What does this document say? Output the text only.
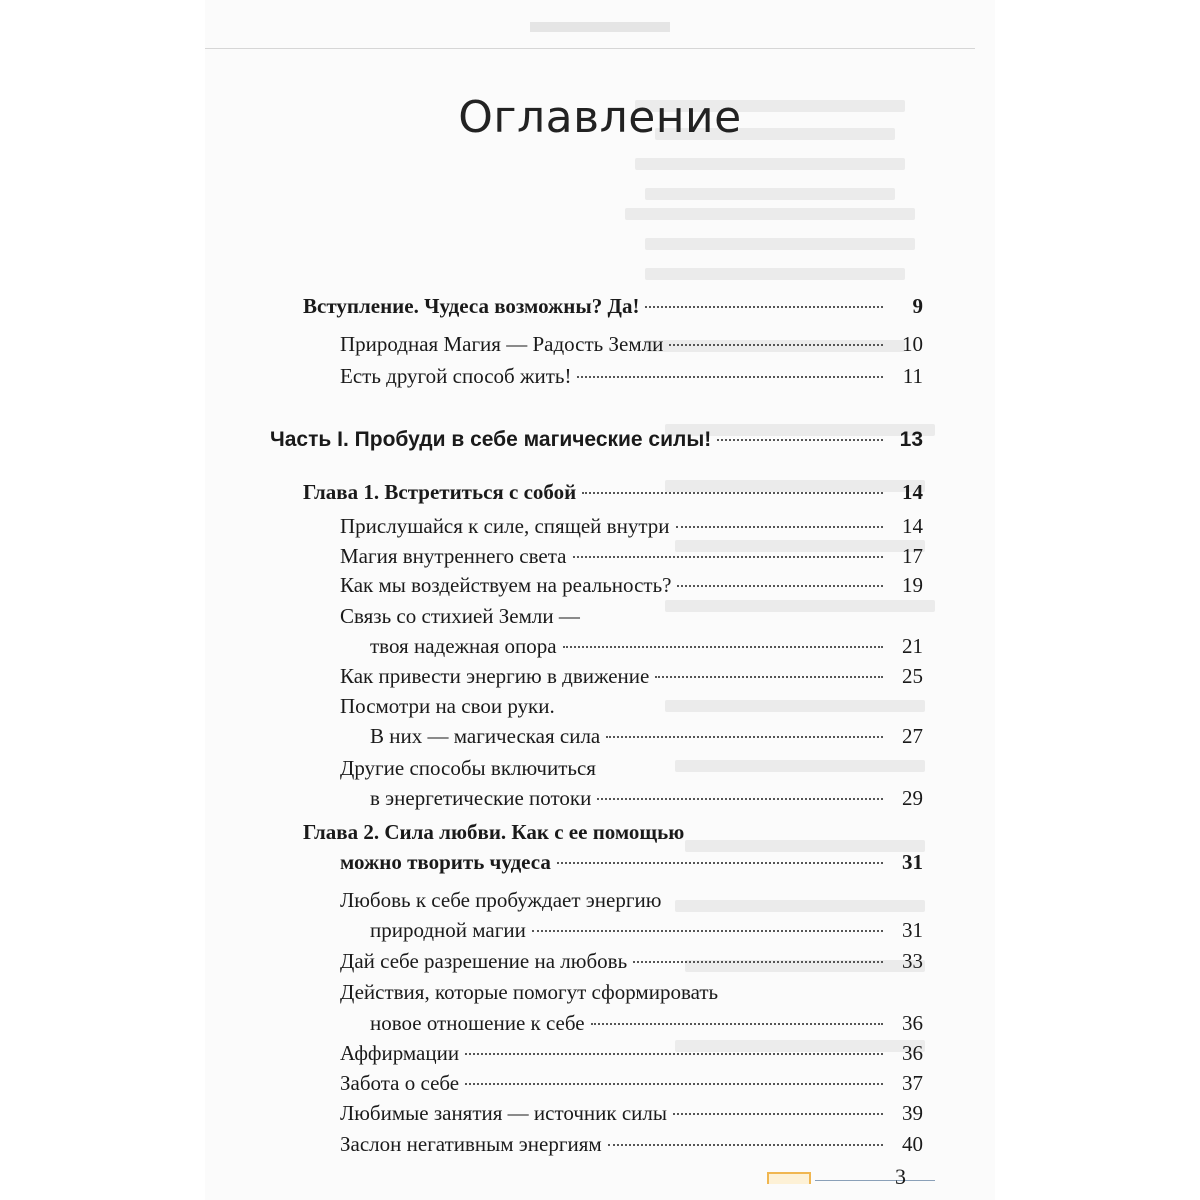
Оглавление
Вступление. Чудеса возможны? Да!	9
Природная Магия — Радость Земли	10
Есть другой способ жить!	11
Часть I. Пробуди в себе магические силы!	13
Глава 1. Встретиться с собой	14
Прислушайся к силе, спящей внутри	14
Магия внутреннего света	17
Как мы воздействуем на реальность?	19
Связь со стихией Земли —
твоя надежная опора	21
Как привести энергию в движение	25
Посмотри на свои руки.
В них — магическая сила	27
Другие способы включиться
в энергетические потоки	29
Глава 2. Сила любви. Как с ее помощью
можно творить чудеса	31
Любовь к себе пробуждает энергию
природной магии	31
Дай себе разрешение на любовь	33
Действия, которые помогут сформировать
новое отношение к себе	36
Аффирмации	36
Забота о себе	37
Любимые занятия — источник силы	39
Заслон негативным энергиям	40
3
